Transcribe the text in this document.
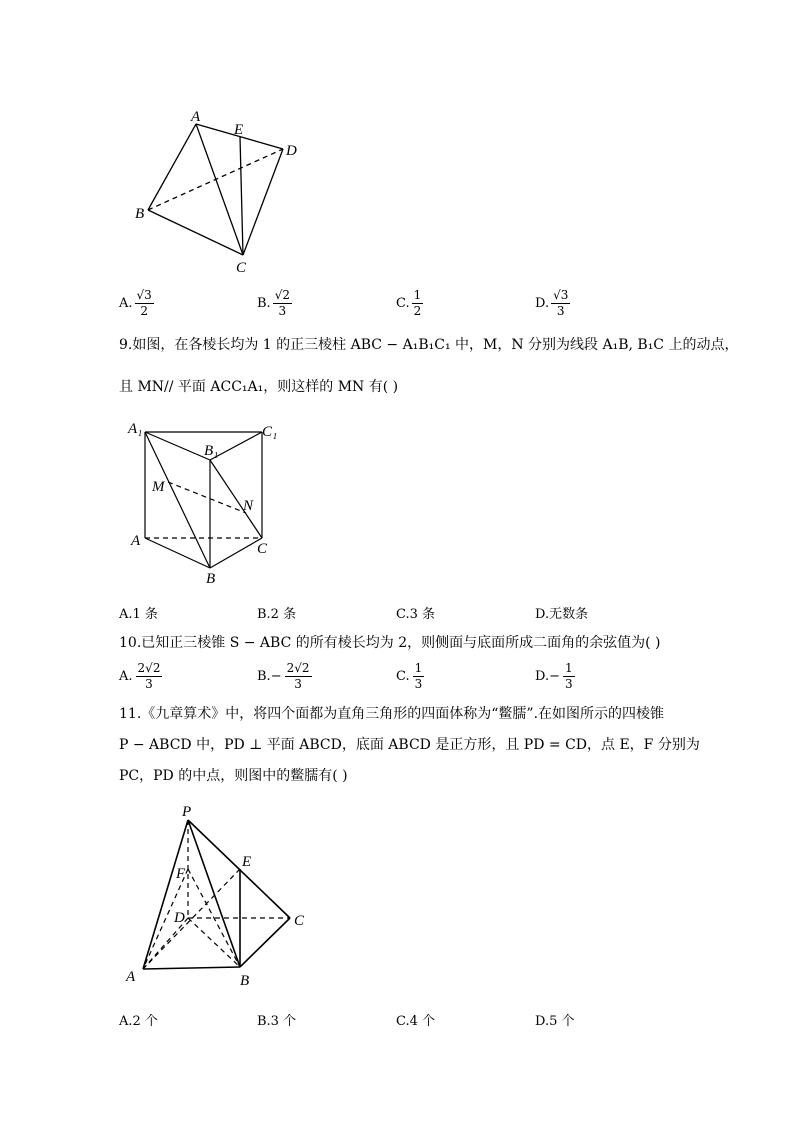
A
E
D
B
C
A. $\frac{√3}{2}$	B. $\frac{√2}{3}$	C. $\frac{1}{2}$	D. $\frac{√3}{3}$
9.如图，在各棱长均为 1 的正三棱柱 ABC − A₁B₁C₁ 中，M，N 分别为线段 A₁B, B₁C 上的动点，
且 MN// 平面 ACC₁A₁，则这样的 MN 有( )
A₁	C₁
B₁
M
N
A	C
B
A.1 条	B.2 条	C.3 条	D.无数条
10.已知正三棱锥 S − ABC 的所有棱长均为 2，则侧面与底面所成二面角的余弦值为( )
A. $\frac{2√2}{3}$	B. − $\frac{2√2}{3}$	C. $\frac{1}{3}$	D. − $\frac{1}{3}$
11.《九章算术》中，将四个面都为直角三角形的四面体称为“鳖臑”.在如图所示的四棱锥
P − ABCD 中，PD ⊥ 平面 ABCD，底面 ABCD 是正方形，且 PD = CD，点 E，F 分别为
PC，PD 的中点，则图中的鳖臑有( )
P
E
F
D	C
A	B
A.2 个	B.3 个	C.4 个	D.5 个
